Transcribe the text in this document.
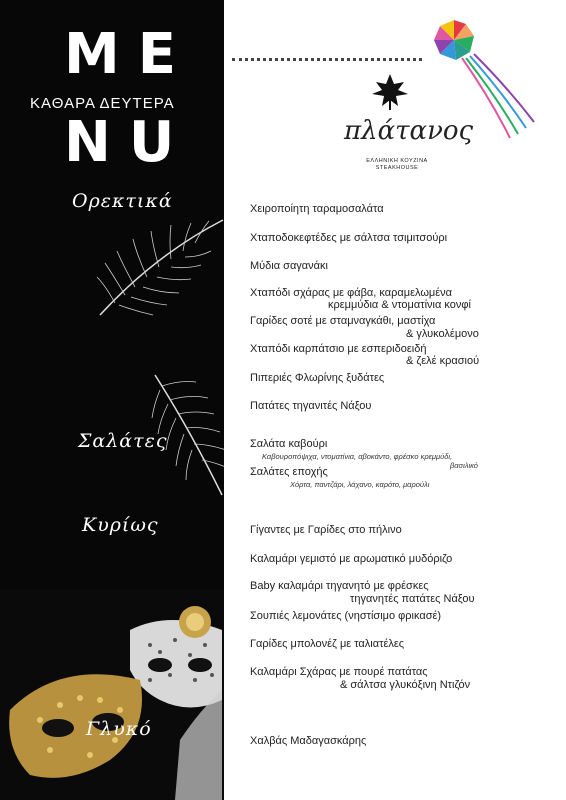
ME
ΚΑΘΑΡΑ ΔΕΥΤΕΡΑ
NU
Ορεκτικά
Σαλάτες
Κυρίως
Γλυκό
πλάτανος
ΕΛΛΗΝΙΚΗ ΚΟΥΖΙΝΑ
STEAKHOUSE
Χειροποίητη ταραμοσαλάτα
Χταποδοκεφτέδες με σάλτσα τσιμιτσούρι
Μύδια σαγανάκι
Χταπόδι σχάρας με φάβα, καραμελωμένα
κρεμμύδια & ντοματίνια κονφί
Γαρίδες σοτέ με σταμναγκάθι, μαστίχα
& γλυκολέμονο
Χταπόδι καρπάτσιο με εσπεριδοειδή
& ζελέ κρασιού
Πιπεριές Φλωρίνης ξυδάτες
Πατάτες τηγανιτές Νάξου
Σαλάτα καβούρι
Καβουροπόψιχα, ντοματίνια, αβοκάντο, φρέσκο κρεμμύδι,
βασιλικό
Σαλάτες εποχής
Χόρτα, παντζάρι, λάχανο, καρότο, μαρούλι
Γίγαντες με Γαρίδες στο πήλινο
Καλαμάρι γεμιστό με αρωματικό μυδόριζο
Baby καλαμάρι τηγανητό με φρέσκες
τηγανητές πατάτες Νάξου
Σουπιές λεμονάτες (νηστίσιμο φρικασέ)
Γαρίδες μπολονέζ με ταλιατέλες
Καλαμάρι Σχάρας με πουρέ πατάτας
& σάλτσα γλυκόξινη Ντιζόν
Χαλβάς Μαδαγασκάρης
